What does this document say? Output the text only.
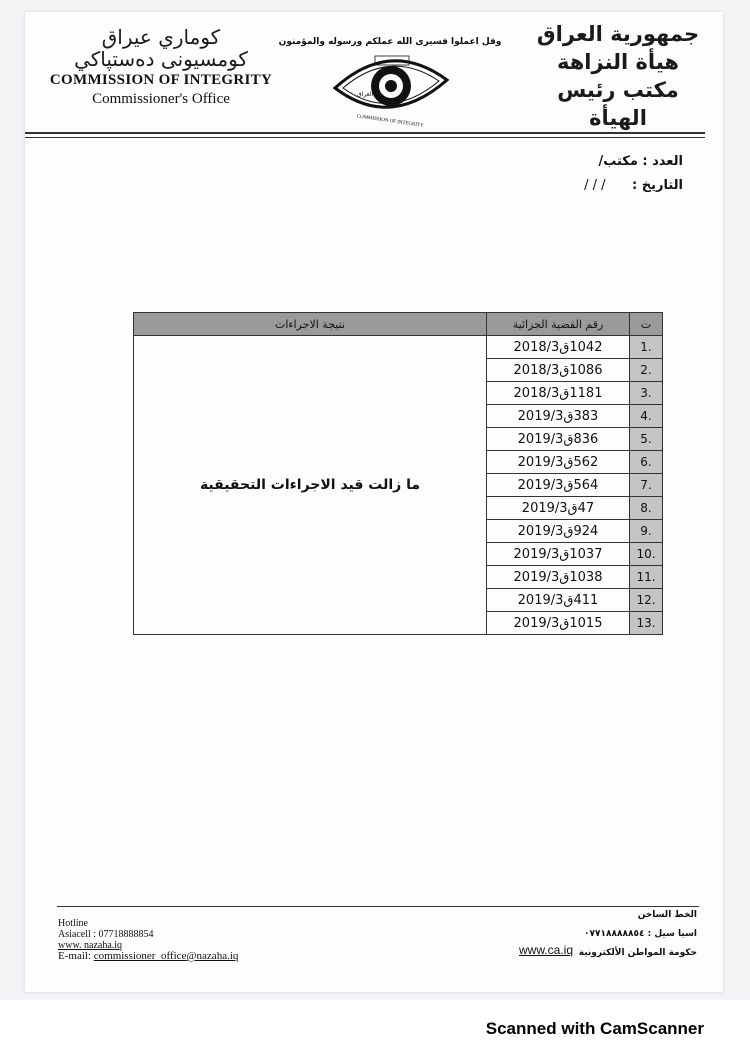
كوماري عيراق
كومسيونى دەستپاكي
COMMISSION OF INTEGRITY
Commissioner's Office
وقل اعملوا فسيرى الله عملكم ورسوله والمؤمنون
العراق
COMMISSION OF INTEGRITY
جمهورية العراق
هيأة النزاهة
مكتب رئيس الهيأة
العدد : مكتب/
التاريخ : / / /
ت	رقم القضية الجزائية	نتيجة الاجراءات
.1	1042ق2018/3	ما زالت قيد الاجراءات التحقيقية
.2	1086ق2018/3	
.3	1181ق2018/3	
.4	383ق2019/3	
.5	836ق2019/3	
.6	562ق2019/3	
.7	564ق2019/3	
.8	47ق2019/3	
.9	924ق2019/3	
.10	1037ق2019/3	
.11	1038ق2019/3	
.12	411ق2019/3	
.13	1015ق2019/3	
Hotline
Asiacell : 07718888854
www. nazaha.iq
E-mail: commissioner_office@nazaha.iq
الخط الساخن
اسيا سيل : ٠٧٧١٨٨٨٨٨٥٤
حكومة المواطن الألكترونية
www.ca.iq
Scanned with CamScanner
